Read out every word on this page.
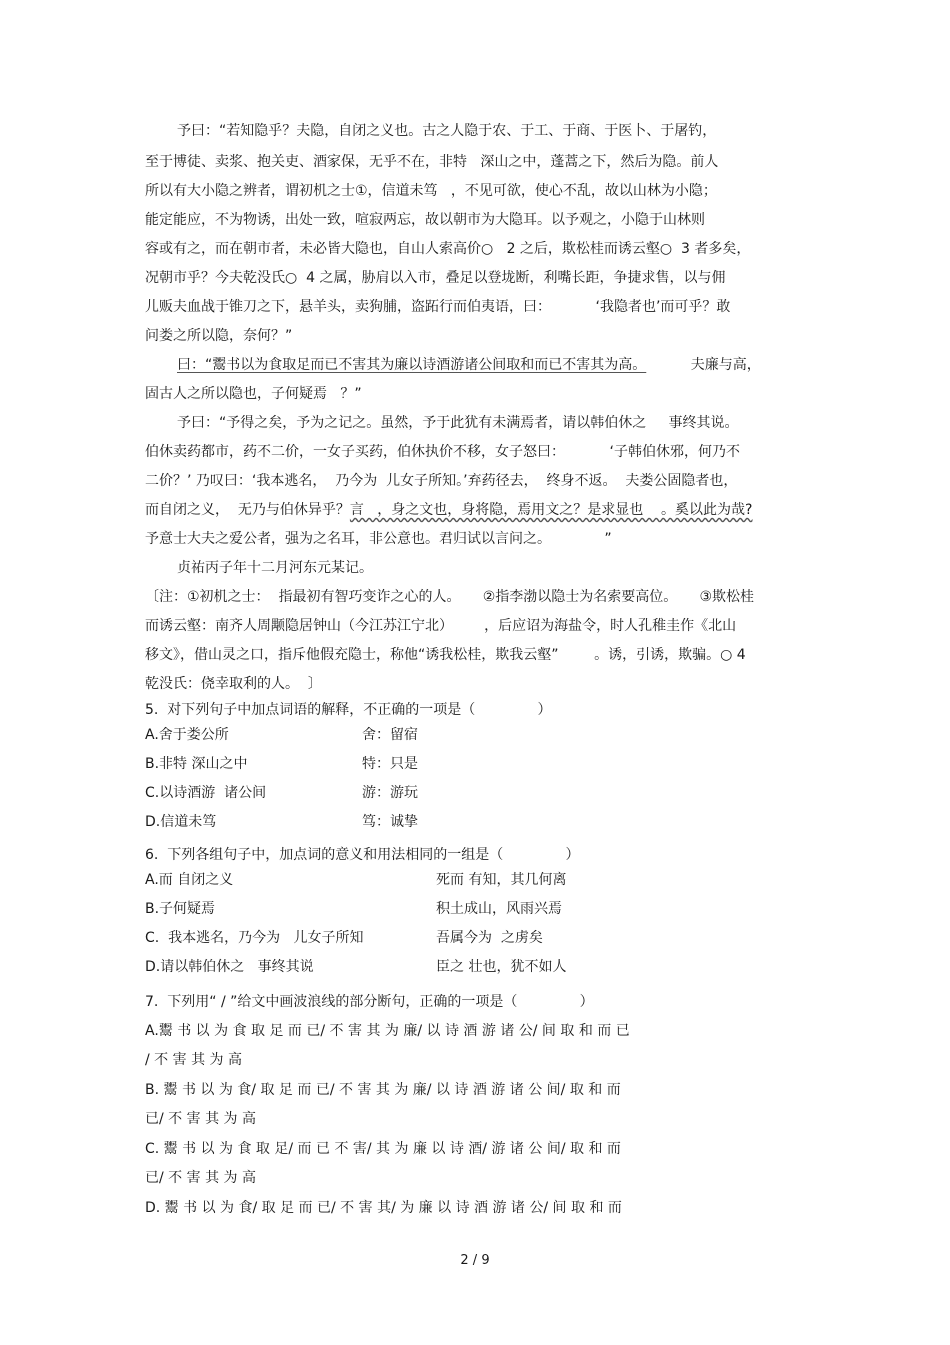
予曰：“若知隐乎？夫隐，自闭之义也。古之人隐于农、于工、于商、于医卜、于屠钓，
至于博徒、卖浆、抱关吏、酒家保，无乎不在，非特   深山之中，蓬蒿之下，然后为隐。前人
所以有大小隐之辨者，谓初机之士①，信道未笃   ，不见可欲，使心不乱，故以山林为小隐；
能定能应，不为物诱，出处一致，喧寂两忘，故以朝市为大隐耳。以予观之，小隐于山林则
容或有之，而在朝市者，未必皆大隐也，自山人索高价○   2 之后，欺松桂而诱云壑○  3 者多矣，
况朝市乎？今夫乾没氏○  4 之属，胁肩以入市，叠足以登垅断，利嘴长距，争捷求售，以与佣
儿贩夫血战于锥刀之下，悬羊头，卖狗脯，盗跖行而伯夷语，曰：          ‘我隐者也’而可乎？敢
问娄之所以隐，奈何？”
曰：“鬻书以为食取足而已不害其为廉以诗酒游诸公间取和而已不害其为高。	夫廉与高，
固古人之所以隐也，子何疑焉   ？”
予曰：“予得之矣，予为之记之。虽然，予于此犹有未满焉者，请以韩伯休之     事终其说。
伯休卖药都市，药不二价，一女子买药，伯休执价不移，女子怒曰：          ‘子韩伯休邪，何乃不
二价？’ 乃叹曰：‘我本逃名，  乃今为  儿女子所知。’弃药径去，  终身不返。  夫娄公固隐者也，
而自闭之义，  无乃与伯休异乎？言   ，身之文也，身将隐，焉用文之？是求显也    。奚以此为哉?
予意士大夫之爱公者，强为之名耳，非公意也。君归试以言问之。            ”
贞祐丙子年十二月河东元某记。
〔注：①初机之士：  指最初有智巧变诈之心的人。     ②指李渤以隐士为名索要高位。     ③欺松桂
而诱云壑：南齐人周颙隐居钟山（今江苏江宁北）       ，后应诏为海盐令，时人孔稚圭作《北山
移文》，借山灵之口，指斥他假充隐士，称他“诱我松桂，欺我云壑”        。诱，引诱，欺骗。○ 4
乾没氏：侥幸取利的人。  〕
5.  对下列句子中加点词语的解释，不正确的一项是（              ）
A.舍于娄公所	舍：留宿
B.非特 深山之中	特：只是
C.以诗酒游  诸公间	游：游玩
D.信道未笃	笃：诚挚
6.  下列各组句子中，加点词的意义和用法相同的一组是（              ）
A.而 自闭之义	死而 有知，其几何离
B.子何疑焉	积土成山，风雨兴焉
C.  我本逃名，乃今为   儿女子所知	吾属今为  之虏矣
D.请以韩伯休之   事终其说	臣之 壮也，犹不如人
7.  下列用“ / ”给文中画波浪线的部分断句，正确的一项是（              ）
A.鬻 书 以 为 食 取 足 而 已/ 不 害 其 为 廉/ 以 诗 酒 游 诸 公/ 间 取 和 而 已
/ 不 害 其 为 高
B. 鬻 书 以 为 食/ 取 足 而 已/ 不 害 其 为 廉/ 以 诗 酒 游 诸 公 间/ 取 和 而
已/ 不 害 其 为 高
C. 鬻 书 以 为 食 取 足/ 而 已 不 害/ 其 为 廉 以 诗 酒/ 游 诸 公 间/ 取 和 而
已/ 不 害 其 为 高
D. 鬻 书 以 为 食/ 取 足 而 已/ 不 害 其/ 为 廉 以 诗 酒 游 诸 公/ 间 取 和 而
2 / 9
